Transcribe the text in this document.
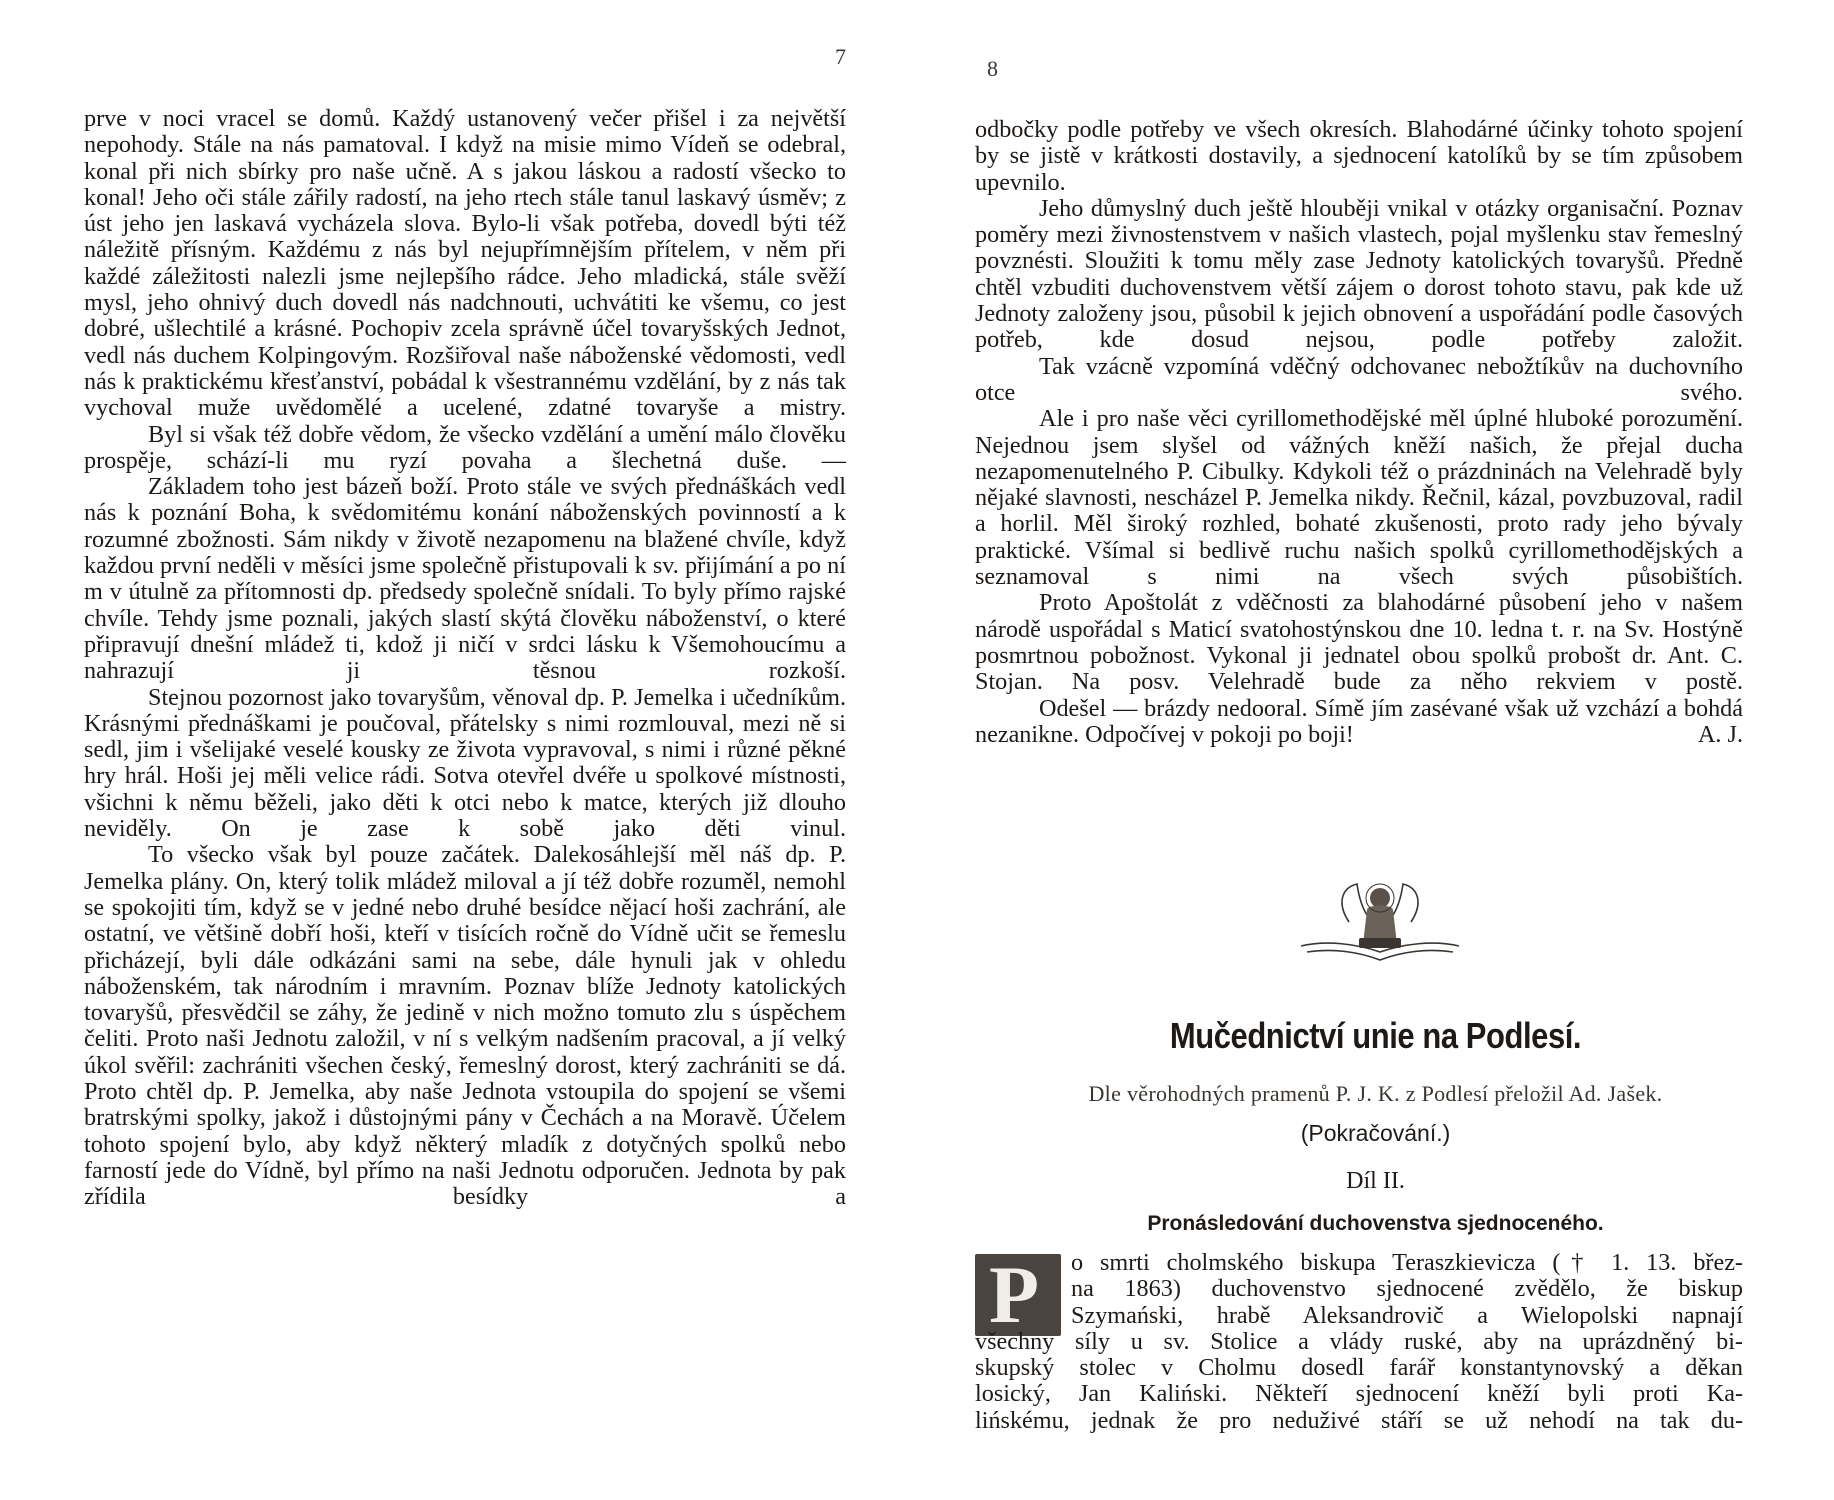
7

prve v noci vracel se domů. Každý ustanovený večer přišel i za největší nepohody. Stále na nás pamatoval. I když na misie mimo Vídeň se odebral, konal při nich sbírky pro naše učně. A s jakou láskou a radostí všecko to konal! Jeho oči stále zářily radostí, na jeho rtech stále tanul laskavý úsměv; z úst jeho jen laskavá vycházela slova. Bylo-li však potřeba, dovedl býti též náležitě přísným. Každému z nás byl nejupřímnějším přítelem, v něm při každé záležitosti nalezli jsme nejlepšího rádce. Jeho mladická, stále svěží mysl, jeho ohnivý duch dovedl nás nadchnouti, uchvátiti ke všemu, co jest dobré, ušlechtilé a krásné. Pochopiv zcela správně účel tovaryšských Jednot, vedl nás duchem Kolpingovým. Rozšiřoval naše náboženské vědomosti, vedl nás k praktickému křesťanství, pobádal k všestrannému vzdělání, by z nás tak vychoval muže uvědomělé a ucelené, zdatné tovaryše a mistry.

Byl si však též dobře vědom, že všecko vzdělání a umění málo člověku prospěje, schází-li mu ryzí povaha a šlechetná duše. —

Základem toho jest bázeň boží. Proto stále ve svých přednáškách vedl nás k poznání Boha, k svědomitému konání náboženských povinností a k rozumné zbožnosti. Sám nikdy v životě nezapomenu na blažené chvíle, když každou první neděli v měsíci jsme společně přistupovali k sv. přijímání a po ní m v útulně za přítomnosti dp. předsedy společně snídali. To byly přímo rajské chvíle. Tehdy jsme poznali, jakých slastí skýtá člověku náboženství, o které připravují dnešní mládež ti, kdož ji ničí v srdci lásku k Všemohoucímu a nahrazují ji těsnou rozkoší.

Stejnou pozornost jako tovaryšům, věnoval dp. P. Jemelka i učedníkům. Krásnými přednáškami je poučoval, přátelsky s nimi rozmlouval, mezi ně si sedl, jim i všelijaké veselé kousky ze života vypravoval, s nimi i různé pěkné hry hrál. Hoši jej měli velice rádi. Sotva otevřel dvéře u spolkové místnosti, všichni k němu běželi, jako děti k otci nebo k matce, kterých již dlouho neviděly. On je zase k sobě jako děti vinul.

To všecko však byl pouze začátek. Dalekosáhlejší měl náš dp. P. Jemelka plány. On, který tolik mládež miloval a jí též dobře rozuměl, nemohl se spokojiti tím, když se v jedné nebo druhé besídce nějací hoši zachrání, ale ostatní, ve většině dobří hoši, kteří v tisících ročně do Vídně učit se řemeslu přicházejí, byli dále odkázáni sami na sebe, dále hynuli jak v ohledu náboženském, tak národním i mravním. Poznav blíže Jednoty katolických tovaryšů, přesvědčil se záhy, že jedině v nich možno tomuto zlu s úspěchem čeliti. Proto naši Jednotu založil, v ní s velkým nadšením pracoval, a jí velký úkol svěřil: zachrániti všechen český, řemeslný dorost, který zachrániti se dá. Proto chtěl dp. P. Jemelka, aby naše Jednota vstoupila do spojení se všemi bratrskými spolky, jakož i důstojnými pány v Čechách a na Moravě. Účelem tohoto spojení bylo, aby když některý mladík z dotyčných spolků nebo farností jede do Vídně, byl přímo na naši Jednotu odporučen. Jednota by pak zřídila besídky a

8

odbočky podle potřeby ve všech okresích. Blahodárné účinky tohoto spojení by se jistě v krátkosti dostavily, a sjednocení katolíků by se tím způsobem upevnilo.

Jeho důmyslný duch ještě hlouběji vnikal v otázky organisační. Poznav poměry mezi živnostenstvem v našich vlastech, pojal myšlenku stav řemeslný povznésti. Sloužiti k tomu měly zase Jednoty katolických tovaryšů. Předně chtěl vzbuditi duchovenstvem větší zájem o dorost tohoto stavu, pak kde už Jednoty založeny jsou, působil k jejich obnovení a uspořádání podle časových potřeb, kde dosud nejsou, podle potřeby založit.

Tak vzácně vzpomíná vděčný odchovanec nebožtíkův na duchovního otce svého.

Ale i pro naše věci cyrillomethodějské měl úplné hluboké porozumění. Nejednou jsem slyšel od vážných kněží našich, že přejal ducha nezapomenutelného P. Cibulky. Kdykoli též o prázdninách na Velehradě byly nějaké slavnosti, nescházel P. Jemelka nikdy. Řečnil, kázal, povzbuzoval, radil a horlil. Měl široký rozhled, bohaté zkušenosti, proto rady jeho bývaly praktické. Všímal si bedlivě ruchu našich spolků cyrillomethodějských a seznamoval s nimi na všech svých působištích.

Proto Apoštolát z vděčnosti za blahodárné působení jeho v našem národě uspořádal s Maticí svatohostýnskou dne 10. ledna t. r. na Sv. Hostýně posmrtnou pobožnost. Vykonal ji jednatel obou spolků probošt dr. Ant. C. Stojan. Na posv. Velehradě bude za něho rekviem v postě.

Odešel — brázdy nedooral. Símě jím zasévané však už vzchází a bohdá nezanikne. Odpočívej v pokoji po boji!	A. J.

Mučednictví unie na Podlesí.
Dle věrohodných pramenů P. J. K. z Podlesí přeložil Ad. Jašek.
(Pokračování.)
Díl II.
Pronásledování duchovenstva sjednoceného.
P o smrti cholmského biskupa Teraszkievicza († 1. 13. břez-
na 1863) duchovenstvo sjednocené zvědělo, že biskup
Szymański, hrabě Aleksandrovič a Wielopolski napnají
všechny síly u sv. Stolice a vlády ruské, aby na uprázdněný bi-
skupský stolec v Cholmu dosedl farář konstantynovský a děkan
losický, Jan Kaliński. Někteří sjednocení kněží byli proti Ka-
lińskému, jednak že pro neduživé stáří se už nehodí na tak du-
